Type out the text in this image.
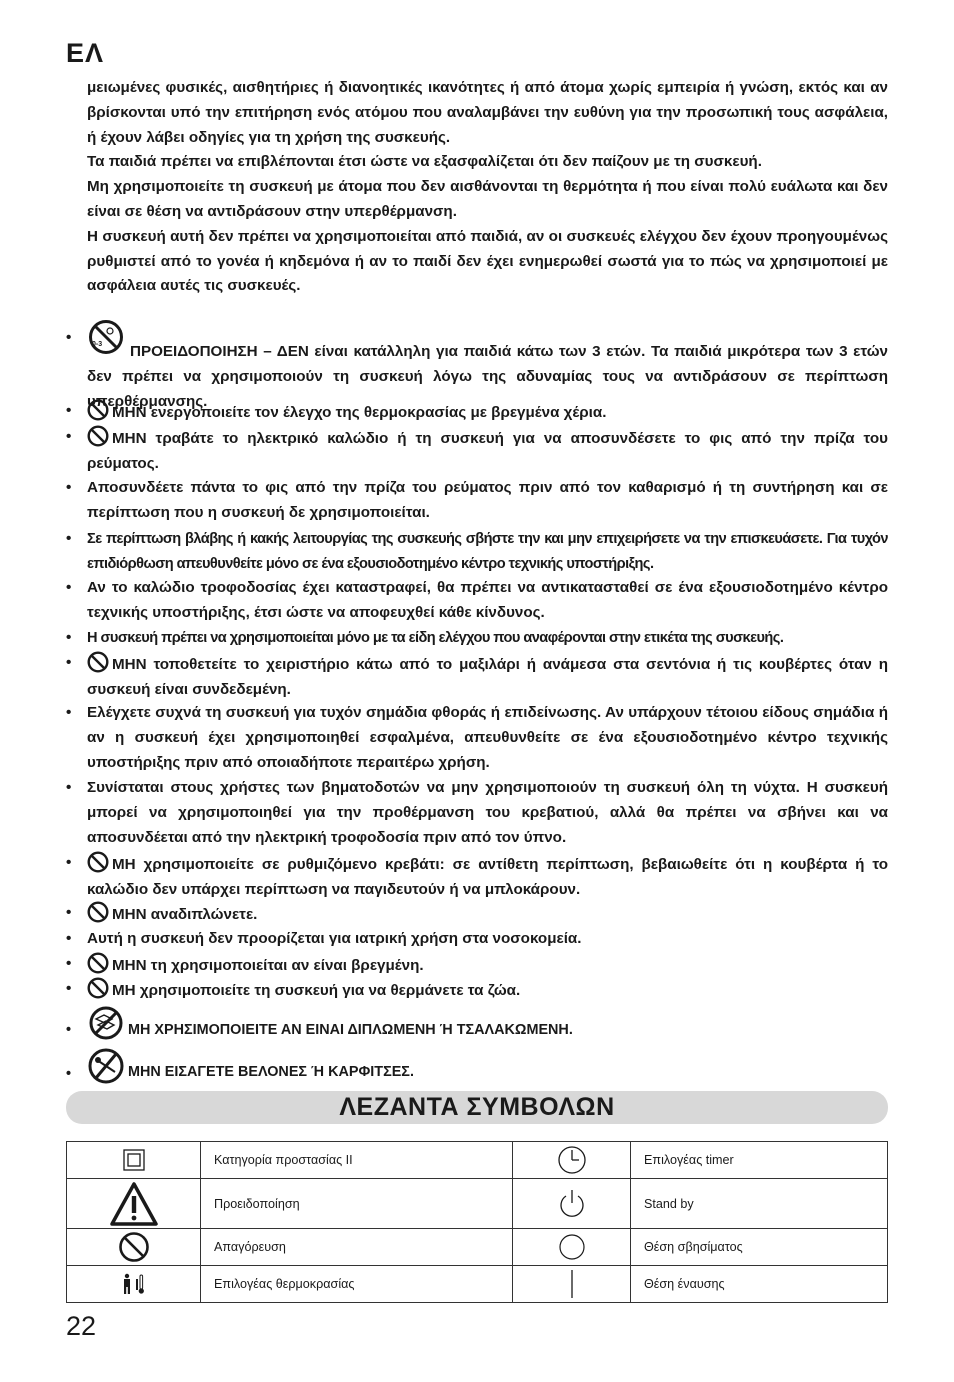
ΕΛ

μειωμένες φυσικές, αισθητήριες ή διανοητικές ικανότητες ή από άτομα χωρίς εμπειρία ή γνώση, εκτός και αν βρίσκονται υπό την επιτήρηση ενός ατόμου που αναλαμβάνει την ευθύνη για την προσωπική τους ασφάλεια, ή έχουν λάβει οδηγίες για τη χρήση της συσκευής.

Τα παιδιά πρέπει να επιβλέπονται έτσι ώστε να εξασφαλίζεται ότι δεν παίζουν με τη συσκευή.

Μη χρησιμοποιείτε τη συσκευή με άτομα που δεν αισθάνονται τη θερμότητα ή που είναι πολύ ευάλωτα και δεν είναι σε θέση να αντιδράσουν στην υπερθέρμανση.

Η συσκευή αυτή δεν πρέπει να χρησιμοποιείται από παιδιά, αν οι συσκευές ελέγχου δεν έχουν προηγουμένως ρυθμιστεί από το γονέα ή κηδεμόνα ή αν το παιδί δεν έχει ενημερωθεί σωστά για το πώς να χρησιμοποιεί με ασφάλεια αυτές τις συσκευές.

•	0-3 ΠΡΟΕΙΔΟΠΟΙΗΣΗ – ΔΕΝ είναι κατάλληλη για παιδιά κάτω των 3 ετών. Τα παιδιά μικρότερα των 3 ετών δεν πρέπει να χρησιμοποιούν τη συσκευή λόγω της αδυναμίας τους να αντιδράσουν σε περίπτωση υπερθέρμανσης.
•	ΜΗΝ ενεργοποιείτε τον έλεγχο της θερμοκρασίας με βρεγμένα χέρια.
•	ΜΗΝ τραβάτε το ηλεκτρικό καλώδιο ή τη συσκευή για να αποσυνδέσετε το φις από την πρίζα του ρεύματος.
•	Αποσυνδέετε πάντα το φις από την πρίζα του ρεύματος πριν από τον καθαρισμό ή τη συντήρηση και σε περίπτωση που η συσκευή δε χρησιμοποιείται.
•	Σε περίπτωση βλάβης ή κακής λειτουργίας της συσκευής σβήστε την και μην επιχειρήσετε να την επισκευάσετε. Για τυχόν επιδιόρθωση απευθυνθείτε μόνο σε ένα εξουσιοδοτημένο κέντρο τεχνικής υποστήριξης.
•	Αν το καλώδιο τροφοδοσίας έχει καταστραφεί, θα πρέπει να αντικατασταθεί σε ένα εξουσιοδοτημένο κέντρο τεχνικής υποστήριξης, έτσι ώστε να αποφευχθεί κάθε κίνδυνος.
•	Η συσκευή πρέπει να χρησιμοποιείται μόνο με τα είδη ελέγχου που αναφέρονται στην ετικέτα της συσκευής.
•	ΜΗΝ τοποθετείτε το χειριστήριο κάτω από το μαξιλάρι ή ανάμεσα στα σεντόνια ή τις κουβέρτες όταν η συσκευή είναι συνδεδεμένη.
•	Ελέγχετε συχνά τη συσκευή για τυχόν σημάδια φθοράς ή επιδείνωσης. Αν υπάρχουν τέτοιου είδους σημάδια ή αν η συσκευή έχει χρησιμοποιηθεί εσφαλμένα, απευθυνθείτε σε ένα εξουσιοδοτημένο κέντρο τεχνικής υποστήριξης πριν από οποιαδήποτε περαιτέρω χρήση.
•	Συνίσταται στους χρήστες των βηματοδοτών να μην χρησιμοποιούν τη συσκευή όλη τη νύχτα. Η συσκευή μπορεί να χρησιμοποιηθεί για την προθέρμανση του κρεβατιού, αλλά θα πρέπει να σβήνει και να αποσυνδέεται από την ηλεκτρική τροφοδοσία πριν από τον ύπνο.
•	ΜΗ χρησιμοποιείτε σε ρυθμιζόμενο κρεβάτι: σε αντίθετη περίπτωση, βεβαιωθείτε ότι η κουβέρτα ή το καλώδιο δεν υπάρχει περίπτωση να παγιδευτούν ή να μπλοκάρουν.
•	ΜΗΝ αναδιπλώνετε.
•	Αυτή η συσκευή δεν προορίζεται για ιατρική χρήση στα νοσοκομεία.
•	ΜΗΝ τη χρησιμοποιείται αν είναι βρεγμένη.
•	ΜΗ χρησιμοποιείτε τη συσκευή για να θερμάνετε τα ζώα.
•	ΜΗ ΧΡΗΣΙΜΟΠΟΙΕΙΤΕ ΑΝ ΕΙΝΑΙ ΔΙΠΛΩΜΕΝΗ Ή ΤΣΑΛΑΚΩΜΕΝΗ.
•	ΜΗΝ ΕΙΣΑΓΕΤΕ ΒΕΛΟΝΕΣ Ή ΚΑΡΦΙΤΣΕΣ.
ΛΕΖΑΝΤΑ ΣΥΜΒΟΛΩΝ
	Κατηγορία προστασίας II		Επιλογέας timer
	Προειδοποίηση		Stand by
	Απαγόρευση		Θέση σβησίματος
	Επιλογέας θερμοκρασίας		Θέση έναυσης
22
